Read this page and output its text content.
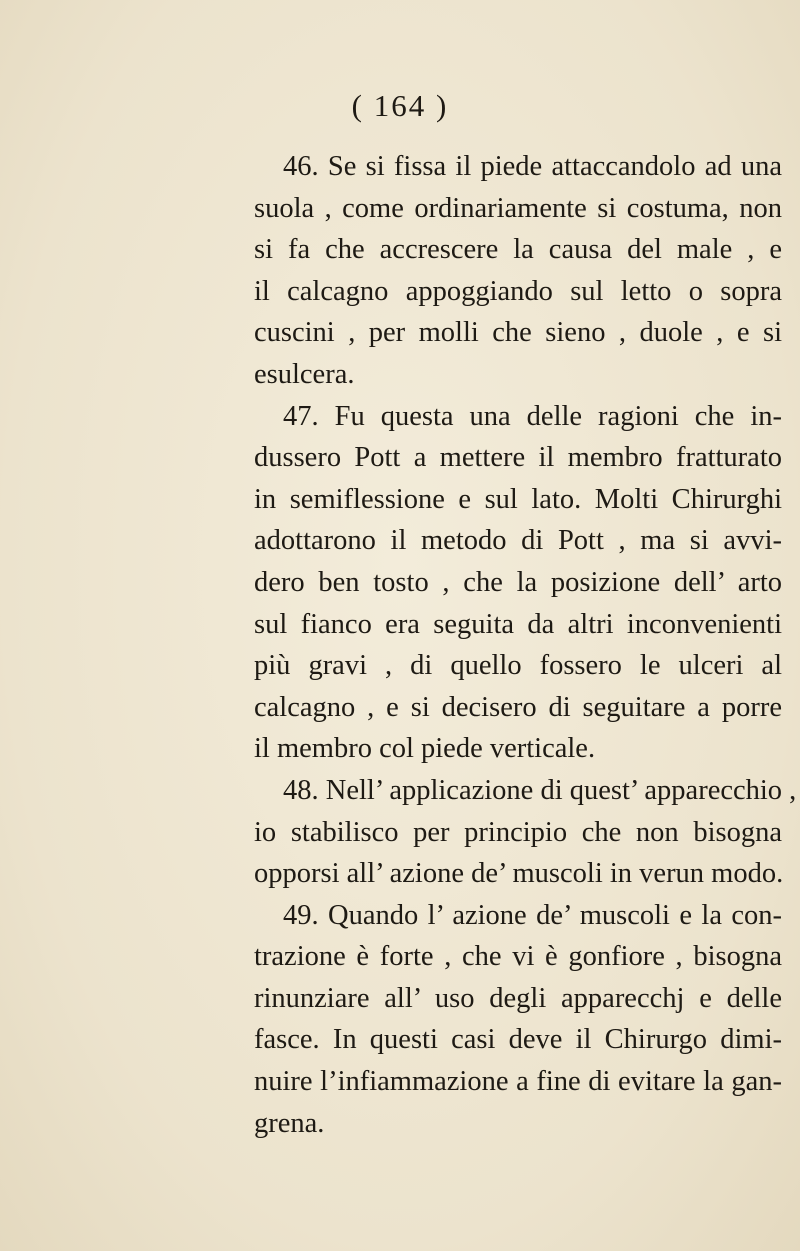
( 164 )
46. Se si fissa il piede attaccandolo ad una
suola , come ordinariamente si costuma, non
si fa che accrescere la causa del male , e
il calcagno appoggiando sul letto o sopra
cuscini , per molli che sieno , duole , e si
esulcera.
47. Fu questa una delle ragioni che in-
dussero Pott a mettere il membro fratturato
in semiflessione e sul lato. Molti Chirurghi
adottarono il metodo di Pott , ma si avvi-
dero ben tosto , che la posizione dell’ arto
sul fianco era seguita da altri inconvenienti
più gravi , di quello fossero le ulceri al
calcagno , e si decisero di seguitare a porre
il membro col piede verticale.
48. Nell’ applicazione di quest’ apparecchio ,
io stabilisco per principio che non bisogna
opporsi all’ azione de’ muscoli in verun modo.
49. Quando l’ azione de’ muscoli e la con-
trazione è forte , che vi è gonfiore , bisogna
rinunziare all’ uso degli apparecchj e delle
fasce. In questi casi deve il Chirurgo dimi-
nuire l’infiammazione a fine di evitare la gan-
grena.
